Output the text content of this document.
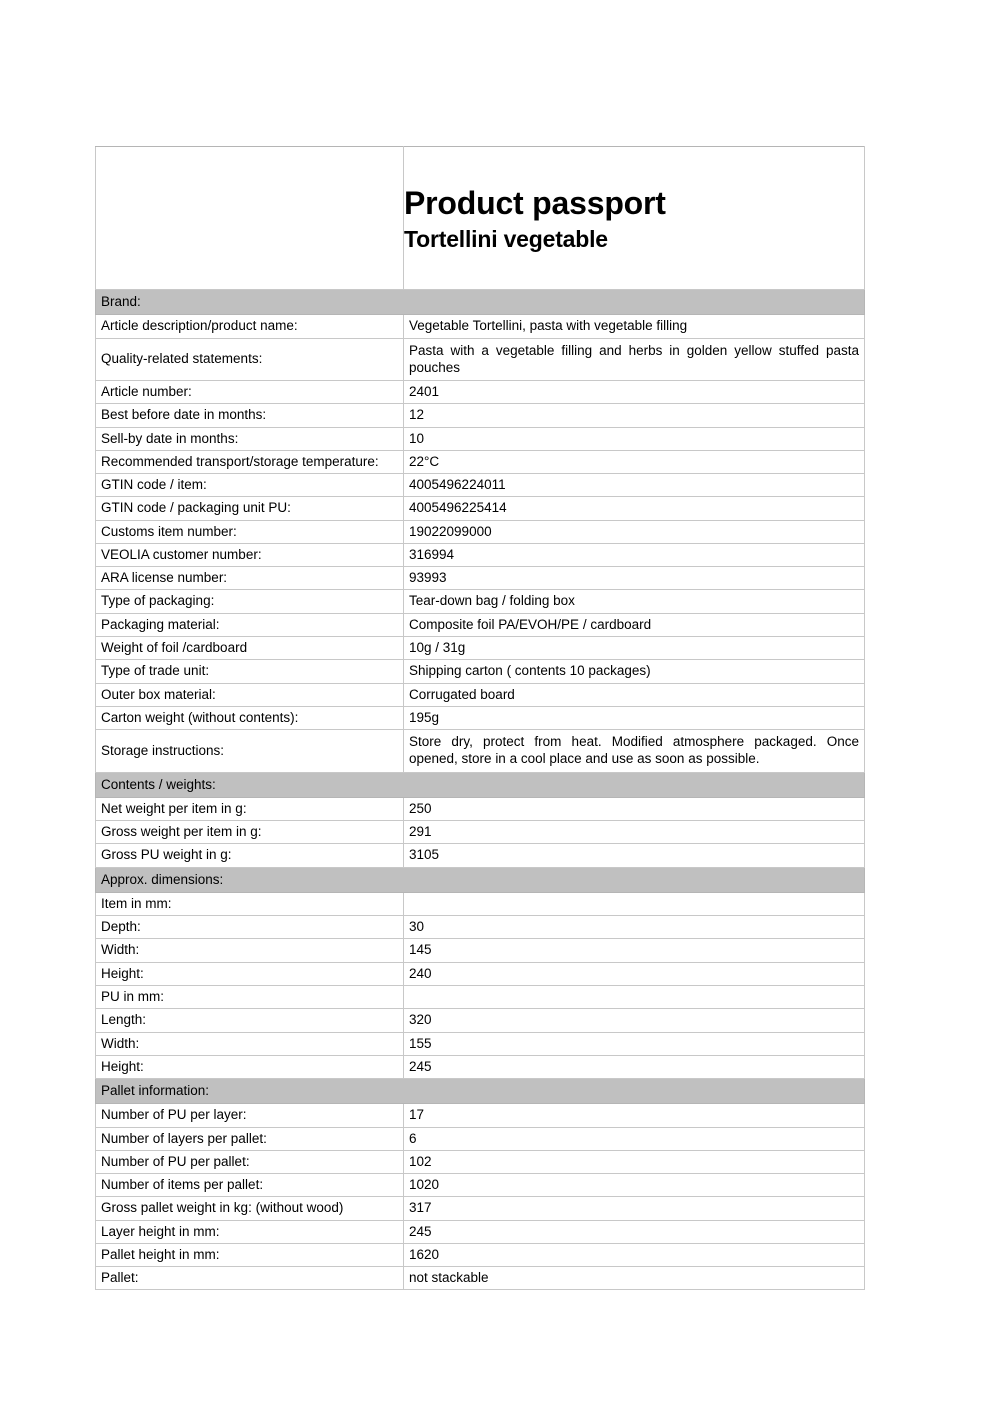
	Product passport
Tortellini vegetable

Brand:	
Article description/product name:	Vegetable Tortellini, pasta with vegetable filling
Quality-related statements:	Pasta with a vegetable filling and herbs in golden yellow stuffed pasta pouches
Article number:	2401
Best before date in months:	12
Sell-by date in months:	10
Recommended transport/storage temperature:	22°C
GTIN code / item:	4005496224011
GTIN code / packaging unit PU:	4005496225414
Customs item number:	19022099000
VEOLIA customer number:	316994
ARA license number:	93993
Type of packaging:	Tear-down bag / folding box
Packaging material:	Composite foil PA/EVOH/PE / cardboard
Weight of foil /cardboard	10g / 31g
Type of trade unit:	Shipping carton ( contents 10 packages)
Outer box material:	Corrugated board
Carton weight (without contents):	195g
Storage instructions:	Store dry, protect from heat. Modified atmosphere packaged. Once opened, store in a cool place and use as soon as possible.
Contents / weights:	
Net weight per item in g:	250
Gross weight per item in g:	291
Gross PU weight in g:	3105
Approx. dimensions:	
Item in mm:	
Depth:	30
Width:	145
Height:	240
PU in mm:	
Length:	320
Width:	155
Height:	245
Pallet information:	
Number of PU per layer:	17
Number of layers per pallet:	6
Number of PU per pallet:	102
Number of items per pallet:	1020
Gross pallet weight in kg: (without wood)	317
Layer height in mm:	245
Pallet height in mm:	1620
Pallet:	not stackable
